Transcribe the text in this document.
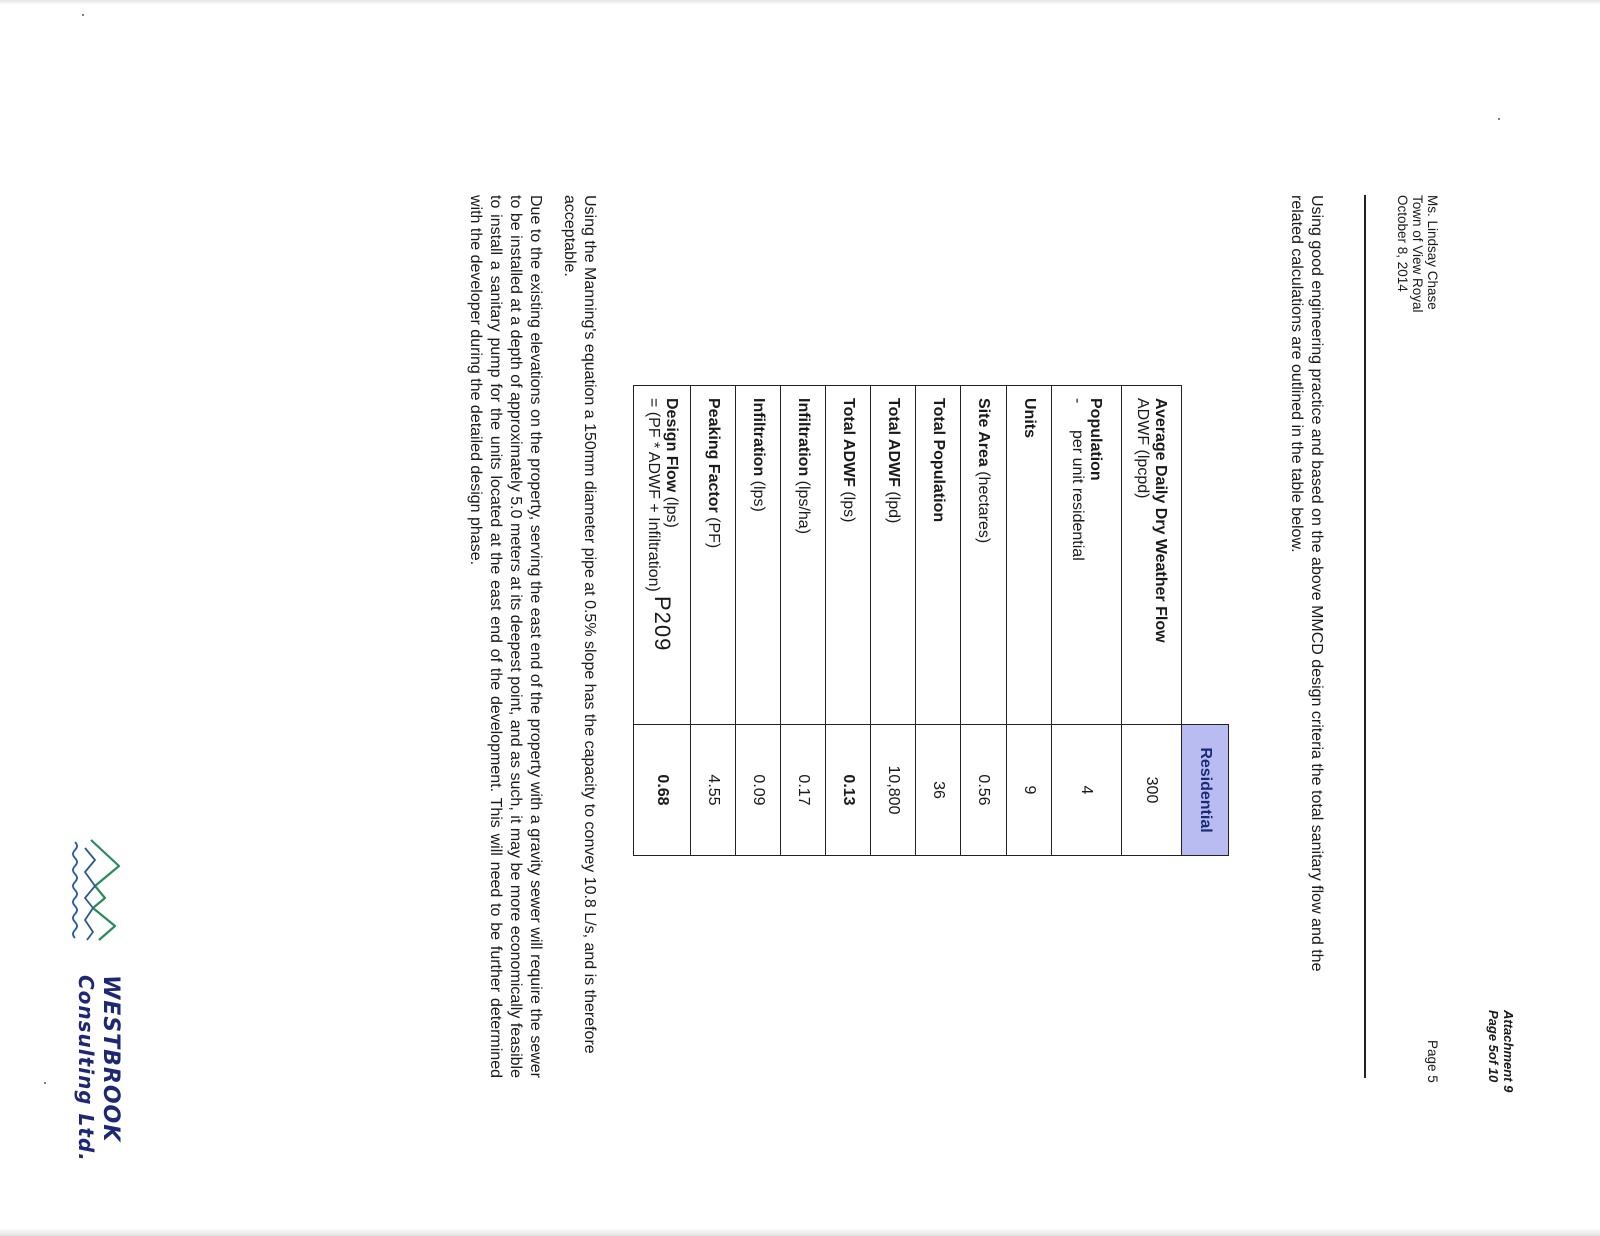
P209
Attachment 9
Page 5of 10
Ms. Lindsay Chase
Town of View Royal
October 8, 2014
Page 5
Using good engineering practice and based on the above MMCD design criteria the total sanitary flow and the related calculations are outlined in the table below.
	Residential

Average Daily Dry Weather Flow
ADWF (lpcpd)	300

Population
-      per unit residential	4
Units	9
Site Area (hectares)	0.56
Total Population	36
Total ADWF (lpd)	10,800
Total ADWF (lps)	0.13
Infiltration (lps/ha)	0.17
Infiltration (lps)	0.09
Peaking Factor (PF)	4.55

Design Flow (lps)
= (PF * ADWF + Infiltration)	0.68
Using the Manning's equation a 150mm diameter pipe at 0.5% slope has the capacity to convey 10.8 L/s, and is therefore acceptable.
Due to the existing elevations on the property, serving the east end of the property with a gravity sewer will require the sewer to be installed at a depth of approximately 5.0 meters at its deepest point, and as such, it may be more economically feasible to install a sanitary pump for the units located at the east end of the development. This will need to be further determined with the developer during the detailed design phase.
WESTBROOK
Consulting Ltd.
